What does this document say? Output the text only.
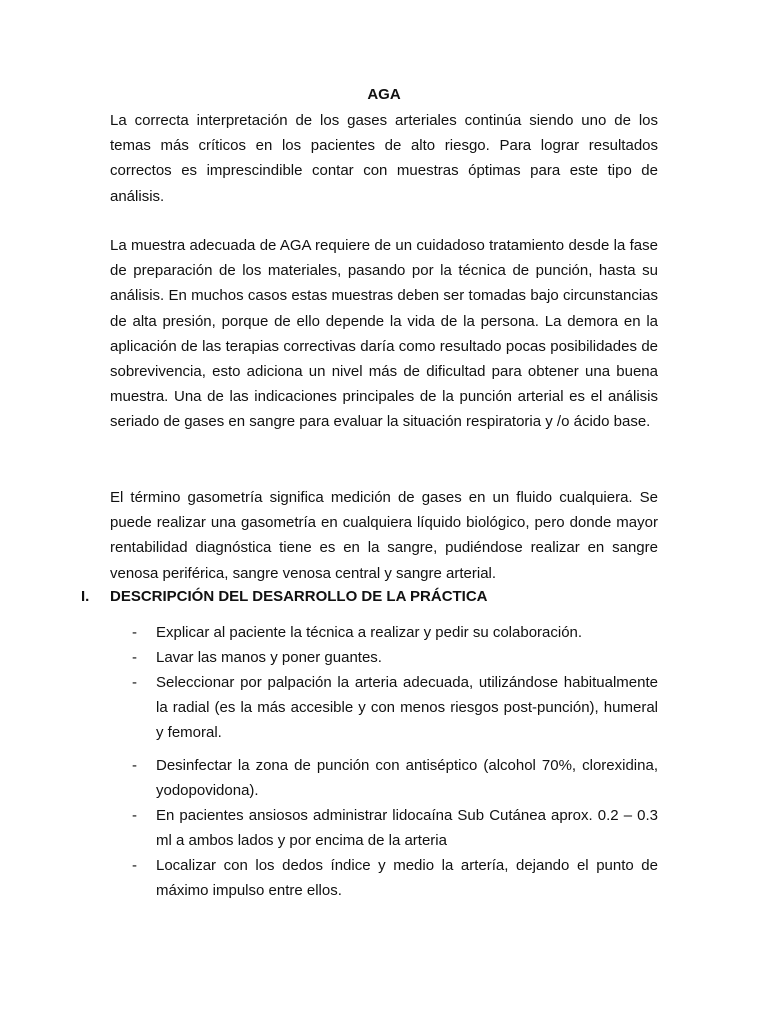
AGA

La correcta interpretación de los gases arteriales continúa siendo uno de los temas más críticos en los pacientes de alto riesgo. Para lograr resultados correctos es imprescindible contar con muestras óptimas para este tipo de análisis.

La muestra adecuada de AGA requiere de un cuidadoso tratamiento desde la fase de preparación de los materiales, pasando por la técnica de punción, hasta su análisis. En muchos casos estas muestras deben ser tomadas bajo circunstancias de alta presión, porque de ello depende la vida de la persona. La demora en la aplicación de las terapias correctivas daría como resultado pocas posibilidades de sobrevivencia, esto adiciona un nivel más de dificultad para obtener una buena muestra. Una de las indicaciones principales de la punción arterial es el análisis seriado de gases en sangre para evaluar la situación respiratoria y /o ácido base.

El término gasometría significa medición de gases en un fluido cualquiera. Se puede realizar una gasometría en cualquiera líquido biológico, pero donde mayor rentabilidad diagnóstica tiene es en la sangre, pudiéndose realizar en sangre venosa periférica, sangre venosa central y sangre arterial.

I. DESCRIPCIÓN DEL DESARROLLO DE LA PRÁCTICA
- Explicar al paciente la técnica a realizar y pedir su colaboración.
- Lavar las manos y poner guantes.
- Seleccionar por palpación la arteria adecuada, utilizándose habitualmente la radial (es la más accesible y con menos riesgos post-punción), humeral y femoral.
- Desinfectar la zona de punción con antiséptico (alcohol 70%, clorexidina, yodopovidona).
- En pacientes ansiosos administrar lidocaína Sub Cutánea aprox. 0.2 – 0.3 ml a ambos lados y por encima de la arteria
- Localizar con los dedos índice y medio la artería, dejando el punto de máximo impulso entre ellos.
